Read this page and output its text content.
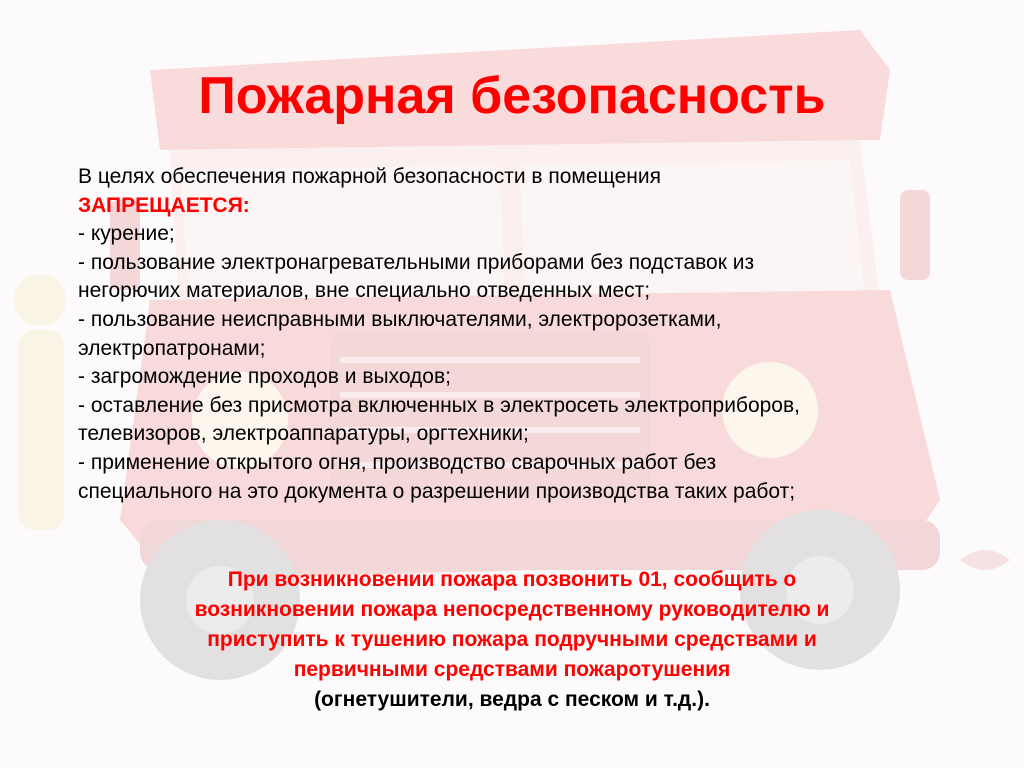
Пожарная безопасность
В целях обеспечения пожарной безопасности в помещения
ЗАПРЕЩАЕТСЯ:
- курение;
- пользование электронагревательными приборами без подставок из
негорючих материалов, вне специально отведенных мест;
- пользование неисправными выключателями, электророзетками,
электропатронами;
- загромождение проходов и выходов;
- оставление без присмотра включенных в электросеть электроприборов,
телевизоров, электроаппаратуры, оргтехники;
- применение открытого огня, производство сварочных работ без
специального на это документа о разрешении производства таких работ;
При возникновении пожара позвонить 01, сообщить о
возникновении пожара непосредственному руководителю и
приступить к тушению пожара подручными средствами и
первичными средствами пожаротушения
(огнетушители, ведра с песком и т.д.).
